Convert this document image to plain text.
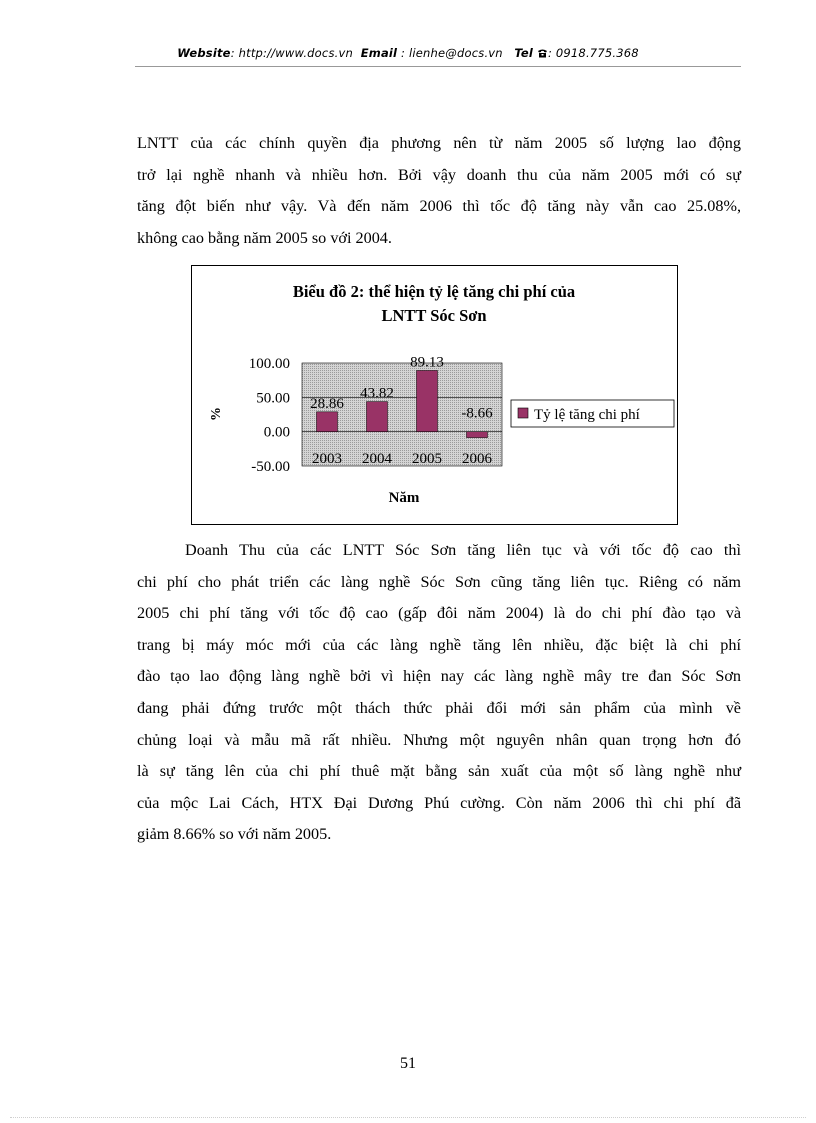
Website: http://www.docs.vn Email : lienhe@docs.vn Tel : 0918.775.368
LNTT của các chính quyền địa phương nên từ năm 2005 số lượng lao động
trở lại nghề nhanh và nhiều hơn. Bởi vậy doanh thu của năm 2005 mới có sự
tăng đột biến như vậy. Và đến năm 2006 thì tốc độ tăng này vẫn cao 25.08%,
không cao bằng năm 2005 so với 2004.
Biểu đồ 2: thể hiện tỷ lệ tăng chi phí của
LNTT Sóc Sơn
100.00
50.00
0.00
-50.00 2003 2004 2005 2006
28.86
43.82
89.13
-8.66
%
Năm
Tỷ lệ tăng chi phí
Doanh Thu của các LNTT Sóc Sơn tăng liên tục và với tốc độ cao thì
chi phí cho phát triển các làng nghề Sóc Sơn cũng tăng liên tục. Riêng có năm
2005 chi phí tăng với tốc độ cao (gấp đôi năm 2004) là do chi phí đào tạo và
trang bị máy móc mới của các làng nghề tăng lên nhiều, đặc biệt là chi phí
đào tạo lao động làng nghề bởi vì hiện nay các làng nghề mây tre đan Sóc Sơn
đang phải đứng trước một thách thức phải đổi mới sản phẩm của mình về
chủng loại và mẫu mã rất nhiều. Nhưng một nguyên nhân quan trọng hơn đó
là sự tăng lên của chi phí thuê mặt bằng sản xuất của một số làng nghề như
của mộc Lai Cách, HTX Đại Dương Phú cường. Còn năm 2006 thì chi phí đã
giảm 8.66% so với năm 2005.
51
